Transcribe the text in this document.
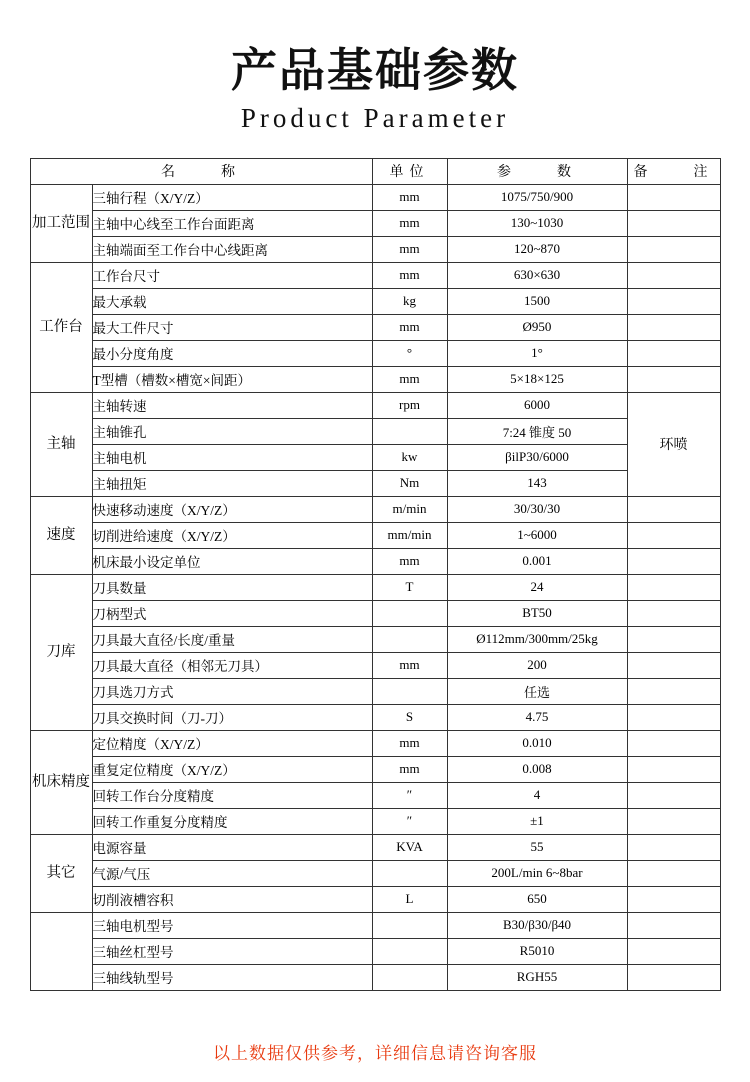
产品基础参数
Product Parameter
名　　称		单位	参　　数	备　　注
加工范围	三轴行程（X/Y/Z）	mm	1075/750/900	
	主轴中心线至工作台面距离	mm	130~1030	
	主轴端面至工作台中心线距离	mm	120~870	
工作台	工作台尺寸	mm	630×630	
	最大承载	kg	1500	
	最大工件尺寸	mm	Ø950	
	最小分度角度	°	1°	
	T型槽（槽数×槽宽×间距）	mm	5×18×125	
主轴	主轴转速	rpm	6000	环喷
	主轴锥孔		7:24 锥度 50	
	主轴电机	kw	βilP30/6000	
	主轴扭矩	Nm	143	
速度	快速移动速度（X/Y/Z）	m/min	30/30/30	
	切削进给速度（X/Y/Z）	mm/min	1~6000	
	机床最小设定单位	mm	0.001	
刀库	刀具数量	T	24	
	刀柄型式		BT50	
	刀具最大直径/长度/重量		Ø112mm/300mm/25kg	
	刀具最大直径（相邻无刀具）	mm	200	
	刀具选刀方式		任选	
	刀具交换时间（刀-刀）	S	4.75	
机床精度	定位精度（X/Y/Z）	mm	0.010	
	重复定位精度（X/Y/Z）	mm	0.008	
	回转工作台分度精度	″	4	
	回转工作重复分度精度	″	±1	
其它	电源容量	KVA	55	
	气源/气压		200L/min 6~8bar	
	切削液槽容积	L	650	
	三轴电机型号		Β30/β30/β40	
	三轴丝杠型号		R5010	
	三轴线轨型号		RGH55	
以上数据仅供参考，详细信息请咨询客服
